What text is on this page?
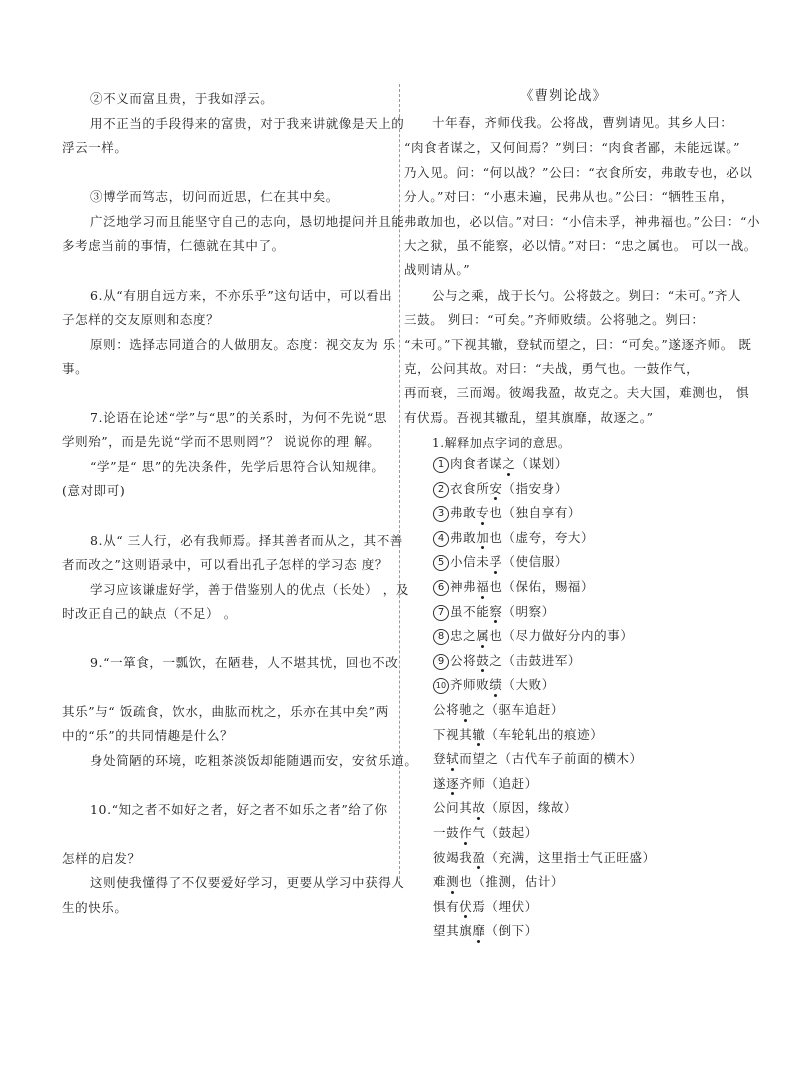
②不义而富且贵，于我如浮云。
用不正当的手段得来的富贵，对于我来讲就像是天上的
浮云一样。
③博学而笃志，切问而近思，仁在其中矣。
广泛地学习而且能坚守自己的志向，恳切地提问并且能
多考虑当前的事情，仁德就在其中了。
6.从“有朋自远方来，不亦乐乎”这句话中，可以看出
子怎样的交友原则和态度？
原则：选择志同道合的人做朋友。态度：视交友为 乐
事。
7.论语在论述“学”与“思”的关系时，为何不先说“思
学则殆”，而是先说“学而不思则罔”？ 说说你的理 解。
“学”是“ 思”的先决条件，先学后思符合认知规律。
(意对即可)
8.从“ 三人行，必有我师焉。择其善者而从之，其不善
者而改之”这则语录中，可以看出孔子怎样的学习态 度？
学习应该谦虚好学，善于借鉴别人的优点（长处） ，及
时改正自己的缺点（不足） 。
9.“一箪食，一瓢饮，在陋巷，人不堪其忧，回也不改
其乐”与“ 饭疏食，饮水，曲肱而枕之，乐亦在其中矣”两
中的“乐”的共同情趣是什么？
身处简陋的环境，吃粗茶淡饭却能随遇而安，安贫乐道。
10.“知之者不如好之者，好之者不如乐之者”给了你
怎样的启发？
这则使我懂得了不仅要爱好学习，更要从学习中获得人
生的快乐。
《曹刿论战》
十年春，齐师伐我。公将战，曹刿请见。其乡人曰：
“肉食者谋之，又何间焉？”刿曰：“肉食者鄙，未能远谋。”
乃入见。问：“何以战？”公曰：“衣食所安，弗敢专也，必以
分人。”对曰：“小惠未遍，民弗从也。”公曰：“牺牲玉帛，
弗敢加也，必以信。”对曰：“小信未孚，神弗福也。”公曰：“小
大之狱，虽不能察，必以情。”对曰：“忠之属也。 可以一战。
战则请从。”
公与之乘，战于长勺。公将鼓之。刿曰：“未可。”齐人
三鼓。 刿曰：“可矣。”齐师败绩。公将驰之。刿曰：
“未可。”下视其辙，登轼而望之，曰：“可矣。”遂逐齐师。 既
克，公问其故。对曰：“夫战，勇气也。一鼓作气，
再而衰，三而竭。彼竭我盈，故克之。夫大国，难测也， 惧
有伏焉。吾视其辙乱，望其旗靡，故逐之。”
1.解释加点字词的意思。
1 肉食者谋 之 （谋划）
2 衣食所 安 （指安身）
3 弗敢 专 也（独自享有）
4 弗敢 加 也（虚夸，夸大）
5 小信未 孚 （使信服）
6 神弗 福 也（保佑，赐福）
7 虽不能 察 （明察）
8 忠之 属 也（尽力做好分内的事）
9 公将 鼓 之（击鼓进军）
10 齐师败 绩 （大败）
公将 驰 之（驱车追赶）
下视其 辙 （车轮轧出的痕迹）
登 轼 而望之（古代车子前面的横木）
遂 逐 齐师（追赶）
公问其 故 （原因，缘故）
一鼓 作 气（鼓起）
彼竭我 盈 （充满，这里指士气正旺盛）
难 测 也（推测，估计）
惧有 伏 焉（埋伏）
望其旗 靡 （倒下）
